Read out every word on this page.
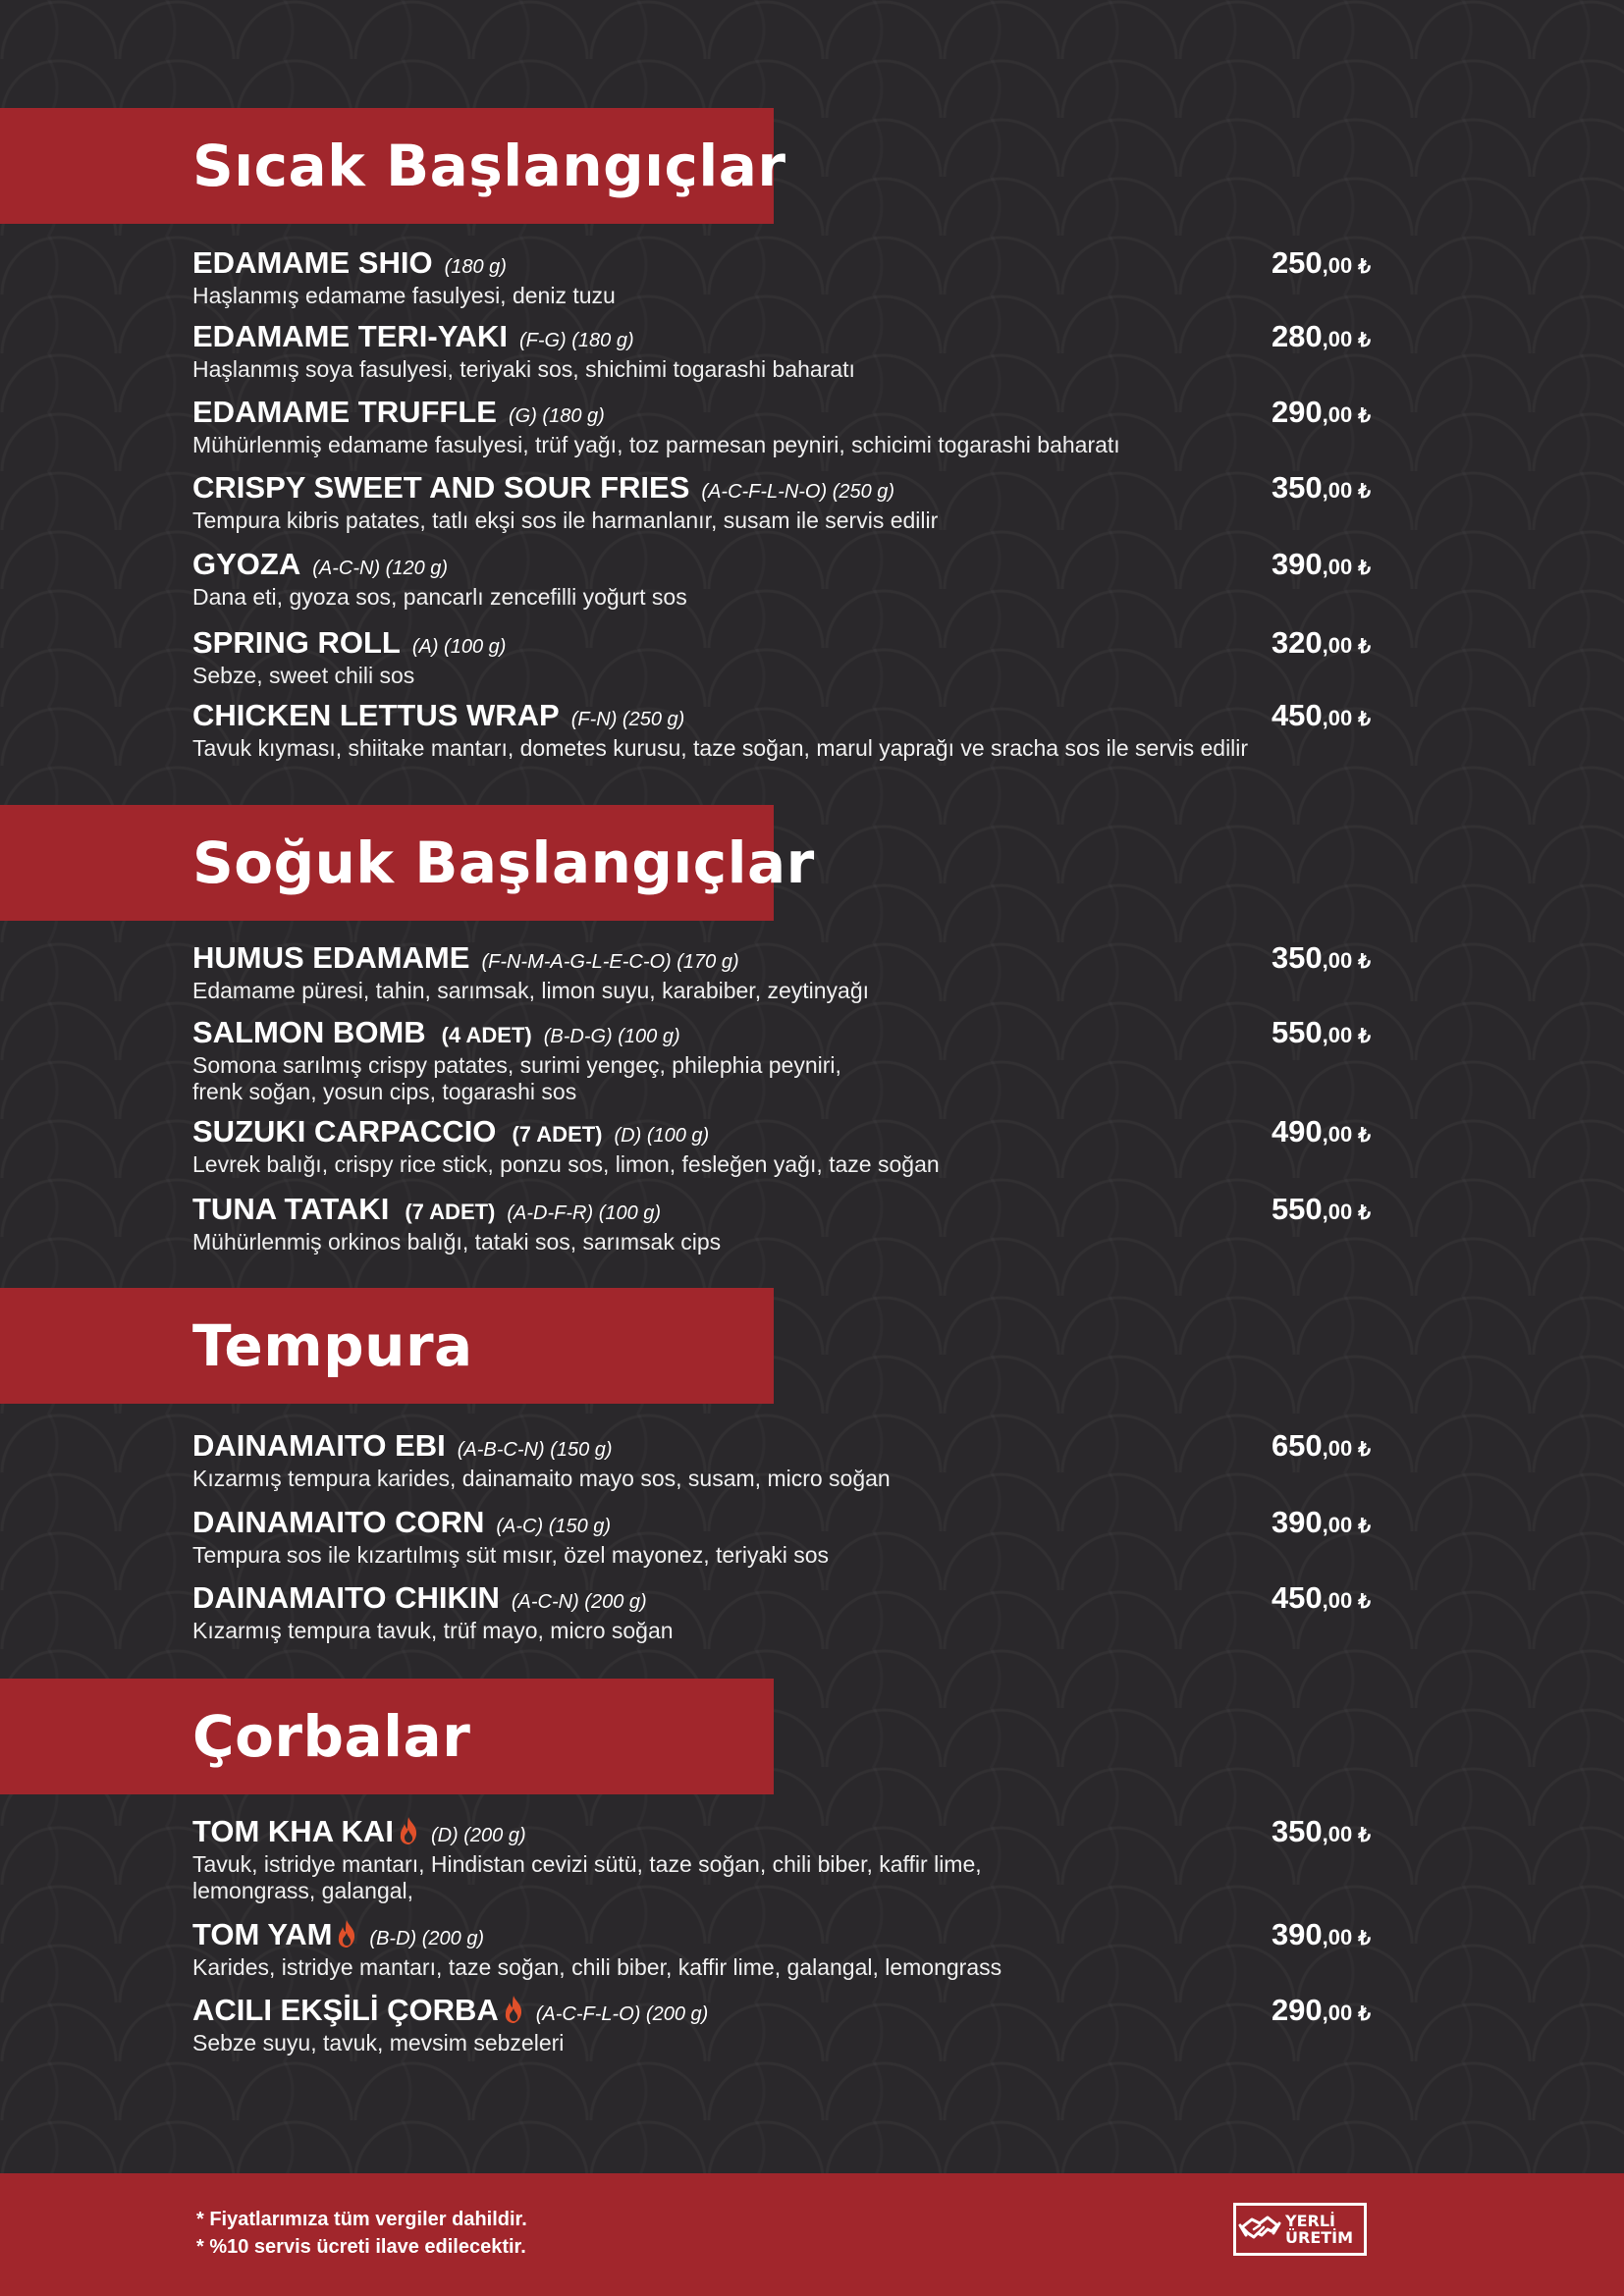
Sıcak Başlangıçlar
Soğuk Başlangıçlar
Tempura
Çorbalar
EDAMAME SHIO (180 g)	250,00 ₺
Haşlanmış edamame fasulyesi, deniz tuzu
EDAMAME TERI-YAKI (F-G) (180 g)	280,00 ₺
Haşlanmış soya fasulyesi, teriyaki sos, shichimi togarashi baharatı
EDAMAME TRUFFLE (G) (180 g)	290,00 ₺
Mühürlenmiş edamame fasulyesi, trüf yağı, toz parmesan peyniri, schicimi togarashi baharatı
CRISPY SWEET AND SOUR FRIES (A-C-F-L-N-O) (250 g)	350,00 ₺
Tempura kibris patates, tatlı ekşi sos ile harmanlanır, susam ile servis edilir
GYOZA (A-C-N) (120 g)	390,00 ₺
Dana eti, gyoza sos, pancarlı zencefilli yoğurt sos
SPRING ROLL (A) (100 g)	320,00 ₺
Sebze, sweet chili sos
CHICKEN LETTUS WRAP (F-N) (250 g)	450,00 ₺
Tavuk kıyması, shiitake mantarı, dometes kurusu, taze soğan, marul yaprağı ve sracha sos ile servis edilir
HUMUS EDAMAME (F-N-M-A-G-L-E-C-O) (170 g)	350,00 ₺
Edamame püresi, tahin, sarımsak, limon suyu, karabiber, zeytinyağı
SALMON BOMB (4 ADET) (B-D-G) (100 g)	550,00 ₺
Somona sarılmış crispy patates, surimi yengeç, philephia peyniri,
frenk soğan, yosun cips, togarashi sos
SUZUKI CARPACCIO (7 ADET) (D) (100 g)	490,00 ₺
Levrek balığı, crispy rice stick, ponzu sos, limon, fesleğen yağı, taze soğan
TUNA TATAKI (7 ADET) (A-D-F-R) (100 g)	550,00 ₺
Mühürlenmiş orkinos balığı, tataki sos, sarımsak cips
DAINAMAITO EBI (A-B-C-N) (150 g)	650,00 ₺
Kızarmış tempura karides, dainamaito mayo sos, susam, micro soğan
DAINAMAITO CORN (A-C) (150 g)	390,00 ₺
Tempura sos ile kızartılmış süt mısır, özel mayonez, teriyaki sos
DAINAMAITO CHIKIN (A-C-N) (200 g)	450,00 ₺
Kızarmış tempura tavuk, trüf mayo, micro soğan
TOM KHA KAI (D) (200 g)	350,00 ₺
Tavuk, istridye mantarı, Hindistan cevizi sütü, taze soğan, chili biber, kaffir lime,
lemongrass, galangal,
TOM YAM (B-D) (200 g)	390,00 ₺
Karides, istridye mantarı, taze soğan, chili biber, kaffir lime, galangal, lemongrass
ACILI EKŞİLİ ÇORBA (A-C-F-L-O) (200 g)	290,00 ₺
Sebze suyu, tavuk, mevsim sebzeleri
* Fiyatlarımıza tüm vergiler dahildir.
* %10 servis ücreti ilave edilecektir.
YERLİ
ÜRETİM
